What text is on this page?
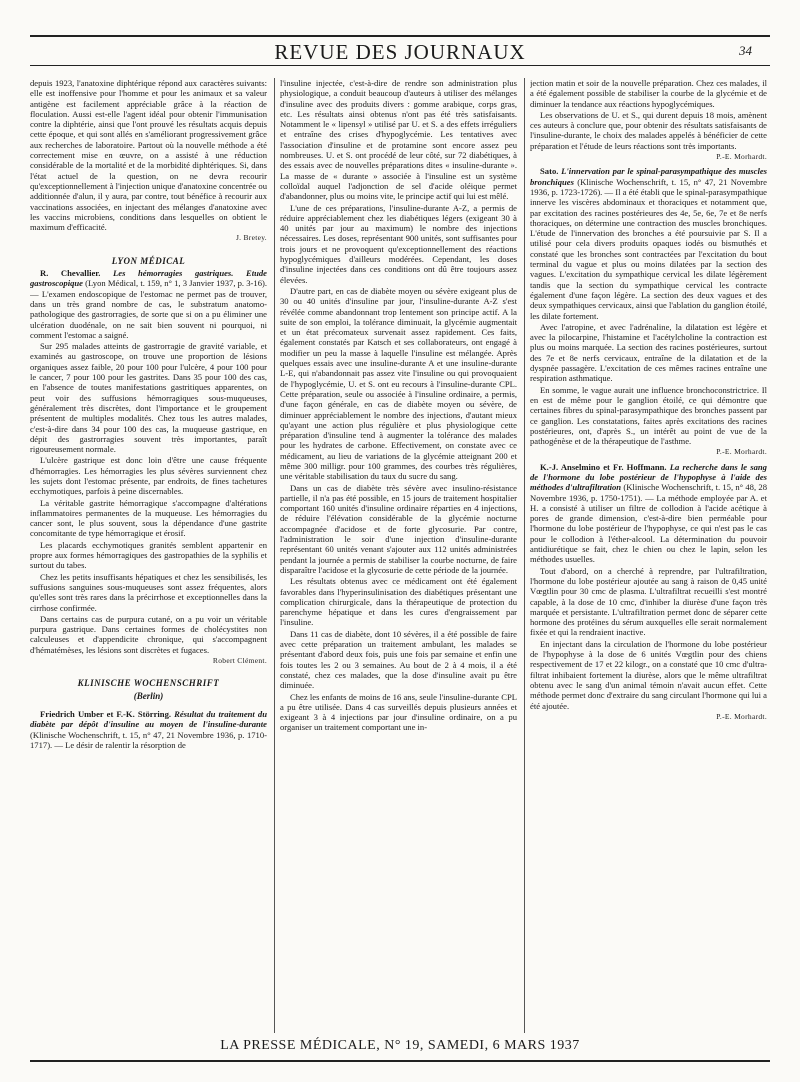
REVUE DES JOURNAUX	34

depuis 1923, l'anatoxine diphtérique répond aux caractères suivants: elle est inoffensive pour l'homme et pour les animaux et sa valeur antigène est facilement appréciable grâce à la réaction de floculation. Aussi est-elle l'agent idéal pour obtenir l'immunisation contre la diphtérie, ainsi que l'ont prouvé les résultats acquis depuis cette époque, et qui sont allés en s'améliorant progressivement grâce aux recherches de laboratoire. Partout où la nouvelle méthode a été correctement mise en œuvre, on a assisté à une réduction considérable de la mortalité et de la morbidité diphtériques. Si, dans l'état actuel de la question, on ne devra recourir qu'exceptionnellement à l'injection unique d'anatoxine concentrée ou additionnée d'alun, il y aura, par contre, tout bénéfice à recourir aux vaccinations associées, en injectant des mélanges d'anatoxine avec les vaccins microbiens, conditions dans lesquelles on obtient le maximum d'efficacité.

J. Bretey.

LYON MÉDICAL

R. Chevallier. Les hémorragies gastriques. Etude gastroscopique (Lyon Médical, t. 159, n° 1, 3 Janvier 1937, p. 3-16). — L'examen endoscopique de l'estomac ne permet pas de trouver, dans un très grand nombre de cas, le substratum anatomo-pathologique des gastrorragies, de sorte que si on a pu éliminer une ulcération duodénale, on ne sait bien souvent ni pourquoi, ni comment l'estomac a saigné.

Sur 295 malades atteints de gastrorragie de gravité variable, et examinés au gastroscope, on trouve une proportion de lésions organiques assez faible, 20 pour 100 pour l'ulcère, 4 pour 100 pour le cancer, 7 pour 100 pour les gastrites. Dans 35 pour 100 des cas, en l'absence de toutes manifestations gastritiques apparentes, on peut voir des suffusions hémorragiques sous-muqueuses, généralement très discrètes, dont l'importance et le groupement présentent de multiples modalités. Chez tous les autres malades, c'est-à-dire dans 34 pour 100 des cas, la muqueuse gastrique, en dépit des gastrorragies souvent très importantes, paraît rigoureusement normale.

L'ulcère gastrique est donc loin d'être une cause fréquente d'hémorragies. Les hémorragies les plus sévères surviennent chez les sujets dont l'estomac présente, par endroits, de fines tachetures ecchymotiques, parfois à peine discernables.

La véritable gastrite hémorragique s'accompagne d'altérations inflammatoires permanentes de la muqueuse. Les hémorragies du cancer sont, le plus souvent, sous la dépendance d'une gastrite concomitante de type hémorragique et érosif.

Les placards ecchymotiques granités semblent appartenir en propre aux formes hémorragiques des gastropathies de la syphilis et surtout du tabes.

Chez les petits insuffisants hépatiques et chez les sensibilisés, les suffusions sanguines sous-muqueuses sont assez fréquentes, alors qu'elles sont très rares dans la précirrhose et exceptionnelles dans la cirrhose confirmée.

Dans certains cas de purpura cutané, on a pu voir un véritable purpura gastrique. Dans certaines formes de cholécystites non calculeuses et d'appendicite chronique, qui s'accompagnent d'hématémèses, les lésions sont discrètes et fugaces.

Robert Clément.

KLINISCHE WOCHENSCHRIFT
(Berlin)

Friedrich Umber et F.-K. Störring. Résultat du traitement du diabète par dépôt d'insuline au moyen de l'insuline-durante (Klinische Wochenschrift, t. 15, n° 47, 21 Novembre 1936, p. 1710-1717). — Le désir de ralentir la résorption de

l'insuline injectée, c'est-à-dire de rendre son administration plus physiologique, a conduit beaucoup d'auteurs à utiliser des mélanges d'insuline avec des produits divers : gomme arabique, corps gras, etc. Les résultats ainsi obtenus n'ont pas été très satisfaisants. Notamment le « lipensyl » utilisé par U. et S. a des effets irréguliers et entraîne des crises d'hypoglycémie. Les tentatives avec l'association d'insuline et de protamine sont encore assez peu nombreuses. U. et S. ont procédé de leur côté, sur 72 diabétiques, à des essais avec de nouvelles préparations dites « insuline-durante ». La masse de « durante » associée à l'insuline est un système colloïdal auquel l'adjonction de sel d'acide oléique permet d'abandonner, plus ou moins vite, le principe actif qui lui est mêlé.

L'une de ces préparations, l'insuline-durante A-Z, a permis de réduire appréciablement chez les diabétiques légers (exigeant 30 à 40 unités par jour au maximum) le nombre des injections nécessaires. Les doses, représentant 900 unités, sont suffisantes pour trois jours et ne provoquent qu'exceptionnellement des réactions hypoglycémiques d'ailleurs modérées. Cependant, les doses d'insuline injectées dans ces conditions ont dû être toujours assez élevées.

D'autre part, en cas de diabète moyen ou sévère exigeant plus de 30 ou 40 unités d'insuline par jour, l'insuline-durante A-Z s'est révélée comme abandonnant trop lentement son principe actif. A la suite de son emploi, la tolérance diminuait, la glycémie augmentait et un état précomateux survenait assez rapidement. Ces faits, également constatés par Katsch et ses collaborateurs, ont engagé à modifier un peu la masse à laquelle l'insuline est mélangée. Après quelques essais avec une insuline-durante A et une insuline-durante L-E, qui n'abandonnait pas assez vite l'insuline ou qui provoquaient de l'hypoglycémie, U. et S. ont eu recours à l'insuline-durante CPL. Cette préparation, seule ou associée à l'insuline ordinaire, a permis, d'une façon générale, en cas de diabète moyen ou sévère, de diminuer appréciablement le nombre des injections, d'autant mieux qu'ayant une action plus régulière et plus physiologique cette préparation d'insuline tend à augmenter la tolérance des malades pour les hydrates de carbone. Effectivement, on constate avec ce médicament, au lieu de variations de la glycémie atteignant 200 et même 300 milligr. pour 100 grammes, des courbes très régulières, une véritable stabilisation du taux du sucre du sang.

Dans un cas de diabète très sévère avec insulino-résistance partielle, il n'a pas été possible, en 15 jours de traitement hospitalier comportant 160 unités d'insuline ordinaire réparties en 4 injections, de réduire l'élévation considérable de la glycémie nocturne accompagnée d'acidose et de forte glycosurie. Par contre, l'administration le soir d'une injection d'insuline-durante représentant 60 unités venant s'ajouter aux 112 unités administrées pendant la journée a permis de stabiliser la courbe nocturne, de faire disparaître l'acidose et la glycosurie de cette période de la journée.

Les résultats obtenus avec ce médicament ont été également favorables dans l'hyperinsulinisation des diabétiques présentant une complication chirurgicale, dans la thérapeutique de protection du parenchyme hépatique et dans les cures d'engraissement par l'insuline.

Dans 11 cas de diabète, dont 10 sévères, il a été possible de faire avec cette préparation un traitement ambulant, les malades se présentant d'abord deux fois, puis une fois par semaine et enfin une fois toutes les 2 ou 3 semaines. Au bout de 2 à 4 mois, il a été constaté, chez ces malades, que la dose d'insuline avait pu être diminuée.

Chez les enfants de moins de 16 ans, seule l'insuline-durante CPL a pu être utilisée. Dans 4 cas surveillés depuis plusieurs années et exigeant 3 à 4 injections par jour d'insuline ordinaire, on a pu organiser un traitement comportant une in-

jection matin et soir de la nouvelle préparation. Chez ces malades, il a été également possible de stabiliser la courbe de la glycémie et de diminuer la tendance aux réactions hypoglycémiques.

Les observations de U. et S., qui durent depuis 18 mois, amènent ces auteurs à conclure que, pour obtenir des résultats satisfaisants de l'insuline-durante, le choix des malades appelés à bénéficier de cette préparation et l'étude de leurs réactions sont très importants.

P.-E. Morhardt.

Sato. L'innervation par le spinal-parasympathique des muscles bronchiques (Klinische Wochenschrift, t. 15, n° 47, 21 Novembre 1936, p. 1723-1726). — Il a été établi que le spinal-parasympathique innerve les viscères abdominaux et thoraciques et notamment que, par excitation des racines postérieures des 4e, 5e, 6e, 7e et 8e nerfs thoraciques, on détermine une contraction des muscles bronchiques. L'étude de l'innervation des bronches a été poursuivie par S. Il a utilisé pour cela divers produits opaques iodés ou bismuthés et constaté que les bronches sont contractées par l'excitation du bout terminal du vague et plus ou moins dilatées par la section des vagues. L'excitation du sympathique cervical les dilate légèrement tandis que la section du sympathique cervical les contracte également d'une façon légère. La section des deux vagues et des deux sympathiques cervicaux, ainsi que l'ablation du ganglion étoilé, les dilate fortement.

Avec l'atropine, et avec l'adrénaline, la dilatation est légère et avec la pilocarpine, l'histamine et l'acétylcholine la contraction est plus ou moins marquée. La section des racines postérieures, surtout des 7e et 8e nerfs cervicaux, entraîne de la dilatation et de la dyspnée passagère. L'excitation de ces mêmes racines entraîne une respiration asthmatique.

En somme, le vague aurait une influence bronchoconstrictrice. Il en est de même pour le ganglion étoilé, ce qui démontre que certaines fibres du spinal-parasympathique des bronches passent par ce ganglion. Les constatations, faites après excitations des racines postérieures, ont, d'après S., un intérêt au point de vue de la pathogénèse et de la thérapeutique de l'asthme.

P.-E. Morhardt.

K.-J. Anselmino et Fr. Hoffmann. La recherche dans le sang de l'hormone du lobe postérieur de l'hypophyse à l'aide des méthodes d'ultrafiltration (Klinische Wochenschrift, t. 15, n° 48, 28 Novembre 1936, p. 1750-1751). — La méthode employée par A. et H. a consisté à utiliser un filtre de collodion à l'acide acétique à pores de grande dimension, c'est-à-dire bien perméable pour l'hormone du lobe postérieur de l'hypophyse, ce qui n'est pas le cas pour le collodion à l'éther-alcool. La détermination du pouvoir antidiurétique se fait, chez le chien ou chez le lapin, selon les méthodes usuelles.

Tout d'abord, on a cherché à reprendre, par l'ultrafiltration, l'hormone du lobe postérieur ajoutée au sang à raison de 0,45 unité Vœgtlin pour 30 cmc de plasma. L'ultrafiltrat recueilli s'est montré capable, à la dose de 10 cmc, d'inhiber la diurèse d'une façon très marquée et persistante. L'ultrafiltration permet donc de séparer cette hormone des protéines du sérum auxquelles elle serait normalement fixée et qui la rendraient inactive.

En injectant dans la circulation de l'hormone du lobe postérieur de l'hypophyse à la dose de 6 unités Vœgtlin pour des chiens respectivement de 17 et 22 kilogr., on a constaté que 10 cmc d'ultra-filtrat inhibaient fortement la diurèse, alors que le même ultrafiltrat obtenu avec le sang d'un animal témoin n'avait aucun effet. Cette méthode permet donc d'extraire du sang circulant l'hormone qui lui a été ajoutée.

P.-E. Morhardt.

LA PRESSE MÉDICALE, N° 19, SAMEDI, 6 MARS 1937
